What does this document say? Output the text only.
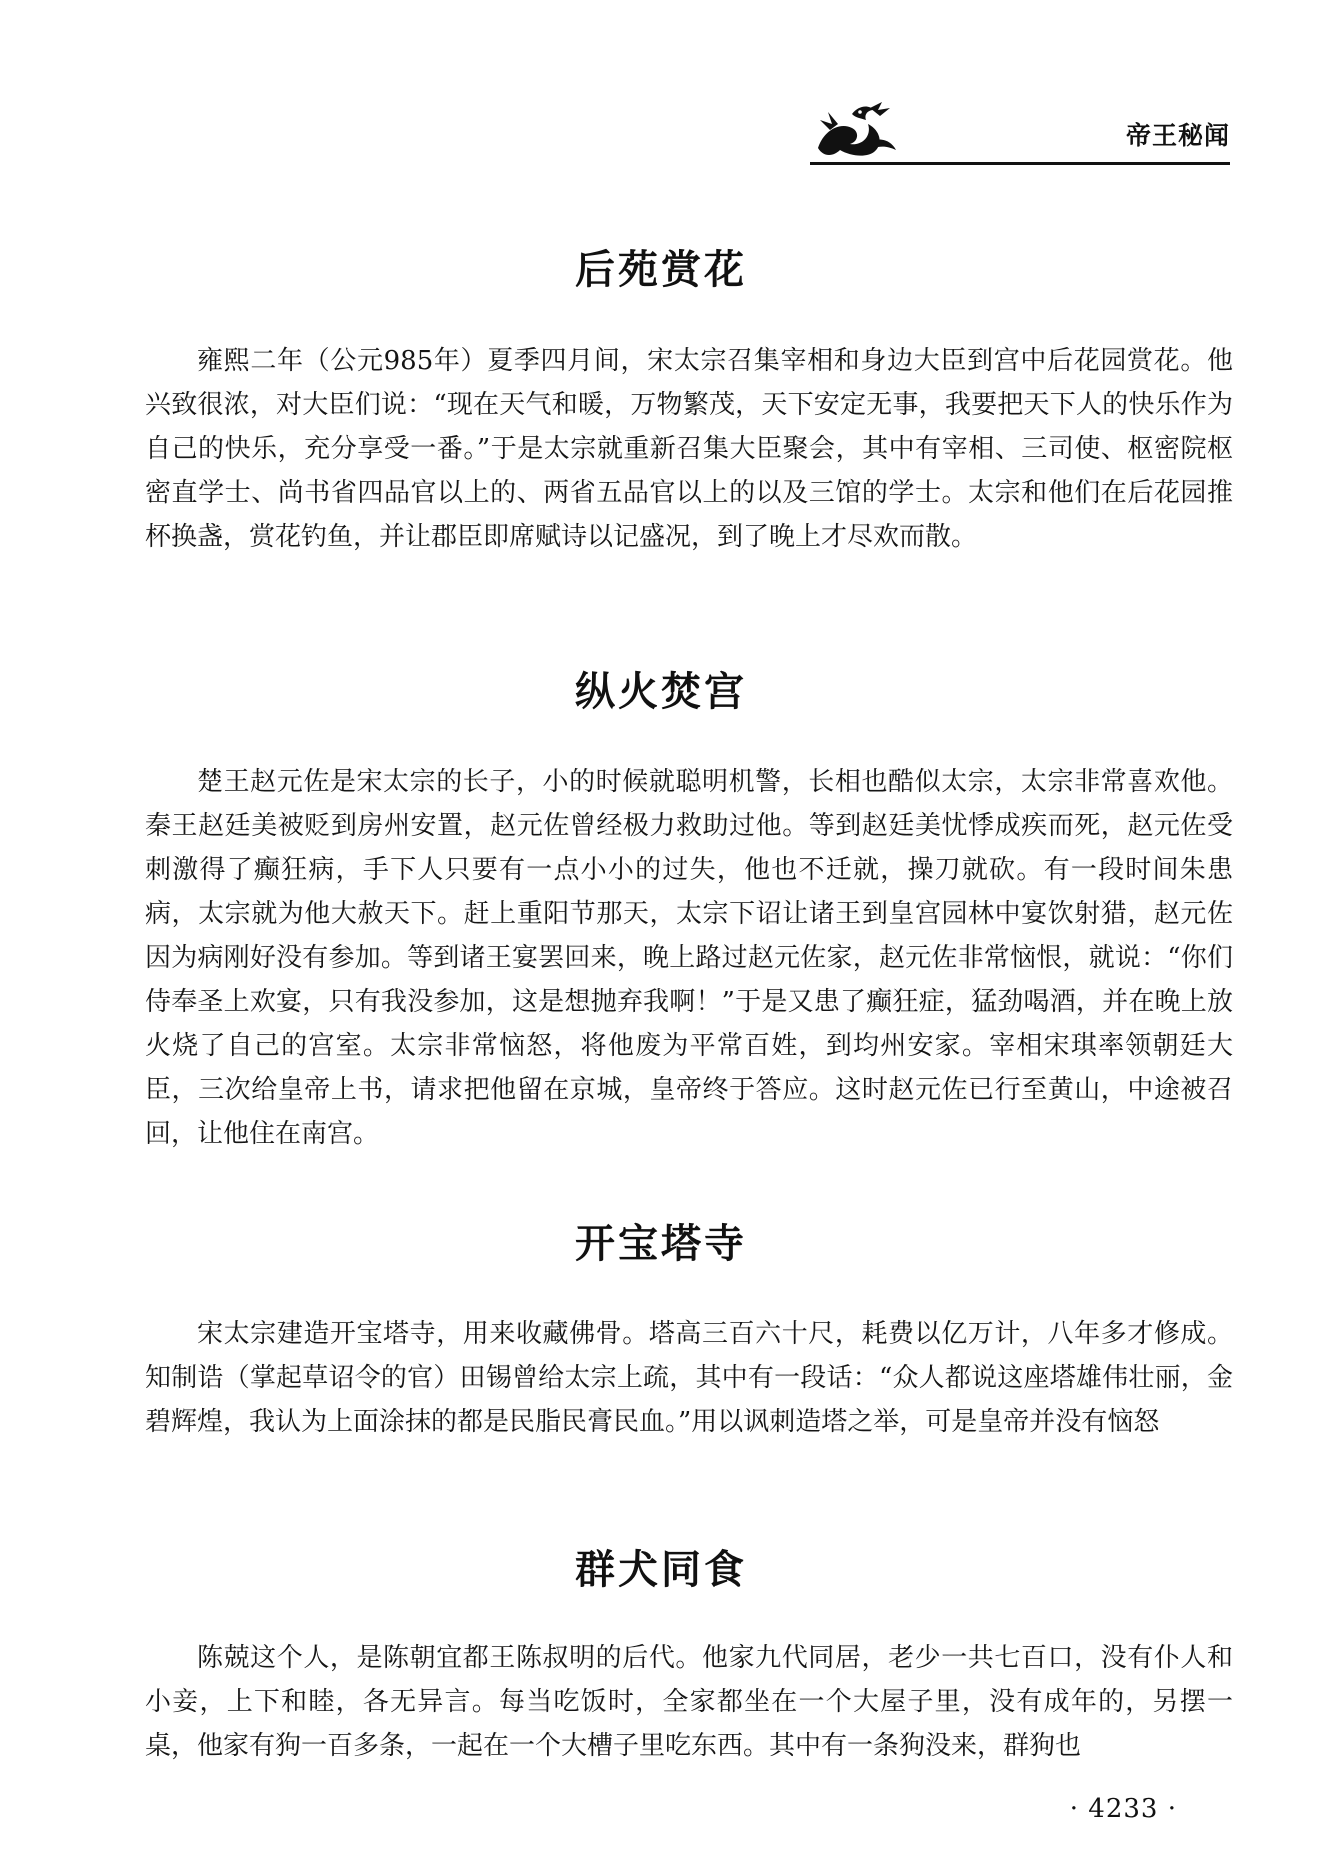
帝王秘闻
后苑赏花

雍熙二年（公元985年）夏季四月间，宋太宗召集宰相和身边大臣到宫中后花园赏花。他兴致很浓，对大臣们说：“现在天气和暖，万物繁茂，天下安定无事，我要把天下人的快乐作为自己的快乐，充分享受一番。”于是太宗就重新召集大臣聚会，其中有宰相、三司使、枢密院枢密直学士、尚书省四品官以上的、两省五品官以上的以及三馆的学士。太宗和他们在后花园推杯换盏，赏花钓鱼，并让郡臣即席赋诗以记盛况，到了晚上才尽欢而散。

纵火焚宫

楚王赵元佐是宋太宗的长子，小的时候就聪明机警，长相也酷似太宗，太宗非常喜欢他。秦王赵廷美被贬到房州安置，赵元佐曾经极力救助过他。等到赵廷美忧悸成疾而死，赵元佐受刺激得了癫狂病，手下人只要有一点小小的过失，他也不迁就，操刀就砍。有一段时间朱患病，太宗就为他大赦天下。赶上重阳节那天，太宗下诏让诸王到皇宫园林中宴饮射猎，赵元佐因为病刚好没有参加。等到诸王宴罢回来，晚上路过赵元佐家，赵元佐非常恼恨，就说：“你们侍奉圣上欢宴，只有我没参加，这是想抛弃我啊！”于是又患了癫狂症，猛劲喝酒，并在晚上放火烧了自己的宫室。太宗非常恼怒，将他废为平常百姓，到均州安家。宰相宋琪率领朝廷大臣，三次给皇帝上书，请求把他留在京城，皇帝终于答应。这时赵元佐已行至黄山，中途被召回，让他住在南宫。

开宝塔寺

宋太宗建造开宝塔寺，用来收藏佛骨。塔高三百六十尺，耗费以亿万计，八年多才修成。知制诰（掌起草诏令的官）田锡曾给太宗上疏，其中有一段话：“众人都说这座塔雄伟壮丽，金碧辉煌，我认为上面涂抹的都是民脂民膏民血。”用以讽刺造塔之举，可是皇帝并没有恼怒

群犬同食

陈兢这个人，是陈朝宜都王陈叔明的后代。他家九代同居，老少一共七百口，没有仆人和小妾，上下和睦，各无异言。每当吃饭时，全家都坐在一个大屋子里，没有成年的，另摆一桌，他家有狗一百多条，一起在一个大槽子里吃东西。其中有一条狗没来，群狗也

· 4233 ·
